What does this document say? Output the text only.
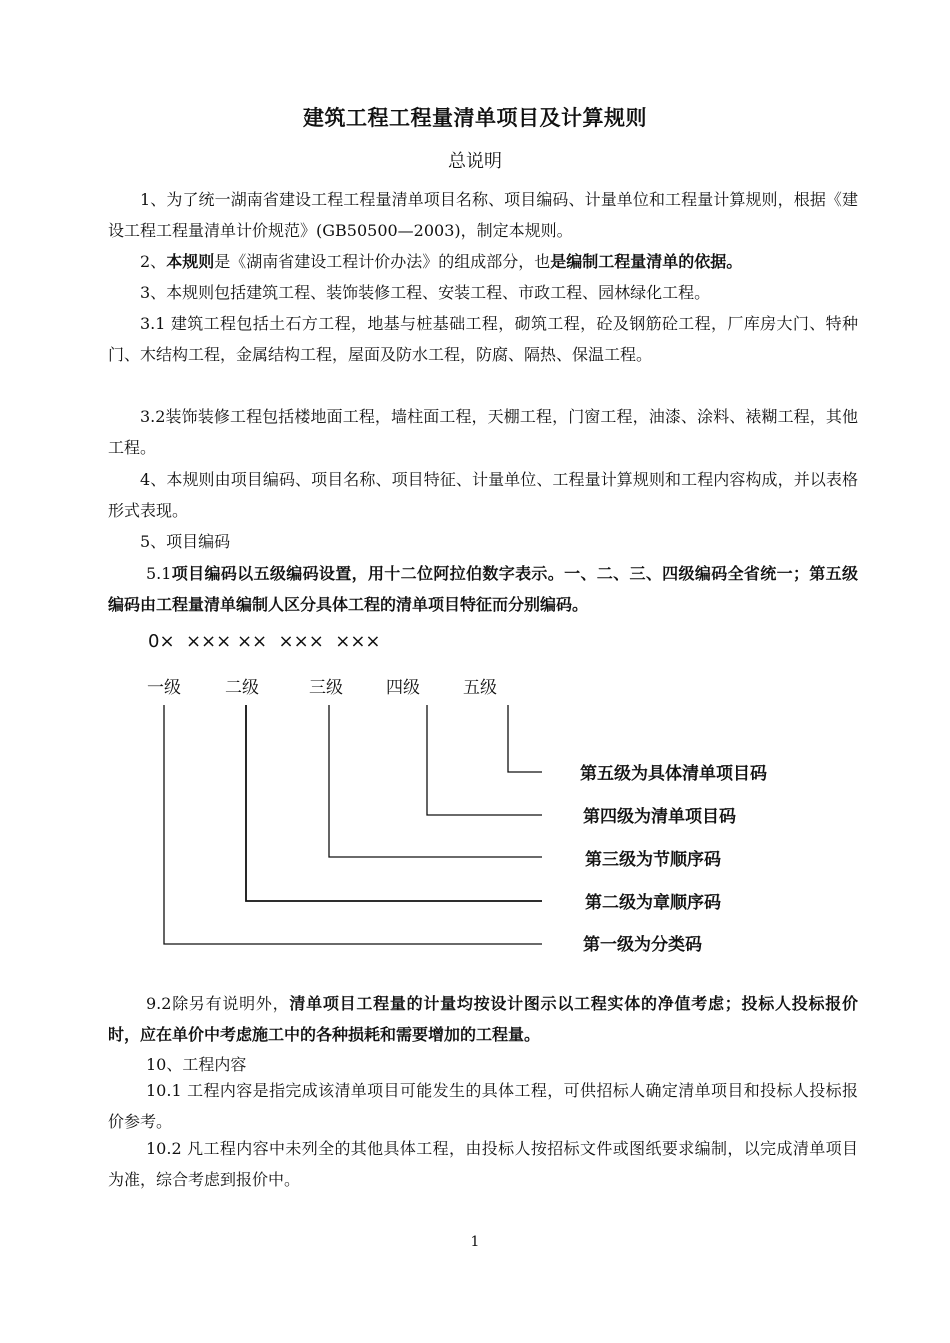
建筑工程工程量清单项目及计算规则
总说明

1、为了统一湖南省建设工程工程量清单项目名称、项目编码、计量单位和工程量计算规则，根据《建设工程工程量清单计价规范》(GB50500—2003)，制定本规则。

2、本规则是《湖南省建设工程计价办法》的组成部分，也是编制工程量清单的依据。

3、本规则包括建筑工程、装饰装修工程、安装工程、市政工程、园林绿化工程。

3.1 建筑工程包括土石方工程，地基与桩基础工程，砌筑工程，砼及钢筋砼工程，厂库房大门、特种门、木结构工程，金属结构工程，屋面及防水工程，防腐、隔热、保温工程。

3.2装饰装修工程包括楼地面工程，墙柱面工程，天棚工程，门窗工程，油漆、涂料、裱糊工程，其他工程。

4、本规则由项目编码、项目名称、项目特征、计量单位、工程量计算规则和工程内容构成，并以表格形式表现。

5、项目编码

5.1项目编码以五级编码设置，用十二位阿拉伯数字表示。一、二、三、四级编码全省统一；第五级编码由工程量清单编制人区分具体工程的清单项目特征而分别编码。

0×  ××× ××  ×××  ×××
一级	二级	三级	四级	五级
第五级为具体清单项目码
第四级为清单项目码
第三级为节顺序码
第二级为章顺序码
第一级为分类码

9.2除另有说明外，清单项目工程量的计量均按设计图示以工程实体的净值考虑；投标人投标报价时，应在单价中考虑施工中的各种损耗和需要增加的工程量。

10、工程内容

10.1 工程内容是指完成该清单项目可能发生的具体工程，可供招标人确定清单项目和投标人投标报价参考。

10.2 凡工程内容中未列全的其他具体工程，由投标人按招标文件或图纸要求编制，以完成清单项目为准，综合考虑到报价中。

1
